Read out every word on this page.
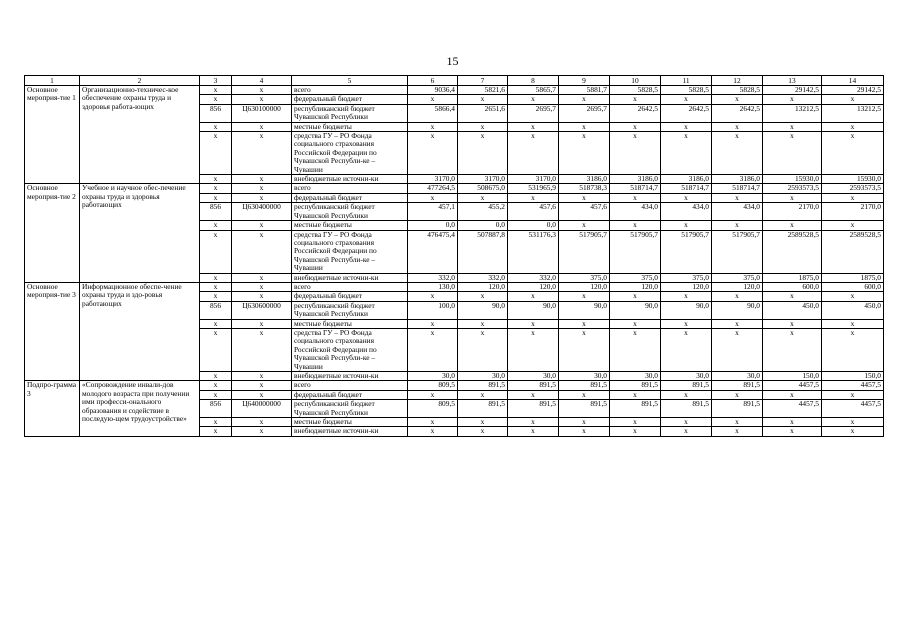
15
1	2	3	4	5	6	7	8	9	10	11	12	13	14
Основное мероприя-тие 1	Организационно-техничес-кое обеспечение охраны труда и здоровья работа-ющих	x	x	всего	9036,4	5821,6	5865,7	5881,7	5828,5	5828,5	5828,5	29142,5	29142,5
		x	x	федеральный бюджет	x	x	x	x	x	x	x	x	x
		856	Ц630100000	республиканский бюджет Чувашской Республики	5866,4	2651,6	2695,7	2695,7	2642,5	2642,5	2642,5	13212,5	13212,5
		x	x	местные бюджеты	x	x	x	x	x	x	x	x	x
		x	x	средства ГУ – РО Фонда социального страхования Российской Федерации по Чувашской Республи-ке – Чувашии	x	x	x	x	x	x	x	x	x
		x	x	внебюджетные источни-ки	3170,0	3170,0	3170,0	3186,0	3186,0	3186,0	3186,0	15930,0	15930,0
Основное мероприя-тие 2	Учебное и научное обес-печение охраны труда и здоровья работающих	x	x	всего	477264,5	508675,0	531965,9	518738,3	518714,7	518714,7	518714,7	2593573,5	2593573,5
		x	x	федеральный бюджет	x	x	x	x	x	x	x	x	x
		856	Ц630400000	республиканский бюджет Чувашской Республики	457,1	455,2	457,6	457,6	434,0	434,0	434,0	2170,0	2170,0
		x	x	местные бюджеты	0,0	0,0	0,0	x	x	x	x	x	x
		x	x	средства ГУ – РО Фонда социального страхования Российской Федерации по Чувашской Республи-ке – Чувашии	476475,4	507887,8	531176,3	517905,7	517905,7	517905,7	517905,7	2589528,5	2589528,5
		x	x	внебюджетные источни-ки	332,0	332,0	332,0	375,0	375,0	375,0	375,0	1875,0	1875,0
Основное мероприя-тие 3	Информационное обеспе-чение охраны труда и здо-ровья работающих	x	x	всего	130,0	120,0	120,0	120,0	120,0	120,0	120,0	600,0	600,0
		x	x	федеральный бюджет	x	x	x	x	x	x	x	x	x
		856	Ц630600000	республиканский бюджет Чувашской Республики	100,0	90,0	90,0	90,0	90,0	90,0	90,0	450,0	450,0
		x	x	местные бюджеты	x	x	x	x	x	x	x	x	x
		x	x	средства ГУ – РО Фонда социального страхования Российской Федерации по Чувашской Республи-ке – Чувашии	x	x	x	x	x	x	x	x	x
		x	x	внебюджетные источни-ки	30,0	30,0	30,0	30,0	30,0	30,0	30,0	150,0	150,0
Подпро-грамма 3	«Сопровождение инвали-дов молодого возраста при получении ими професси-онального образования и содействие в последую-щем трудоустройстве»	x	x	всего	809,5	891,5	891,5	891,5	891,5	891,5	891,5	4457,5	4457,5
		x	x	федеральный бюджет	x	x	x	x	x	x	x	x	x
		856	Ц640000000	республиканский бюджет Чувашской Республики	809,5	891,5	891,5	891,5	891,5	891,5	891,5	4457,5	4457,5
		x	x	местные бюджеты	x	x	x	x	x	x	x	x	x
		x	x	внебюджетные источни-ки	x	x	x	x	x	x	x	x	x
